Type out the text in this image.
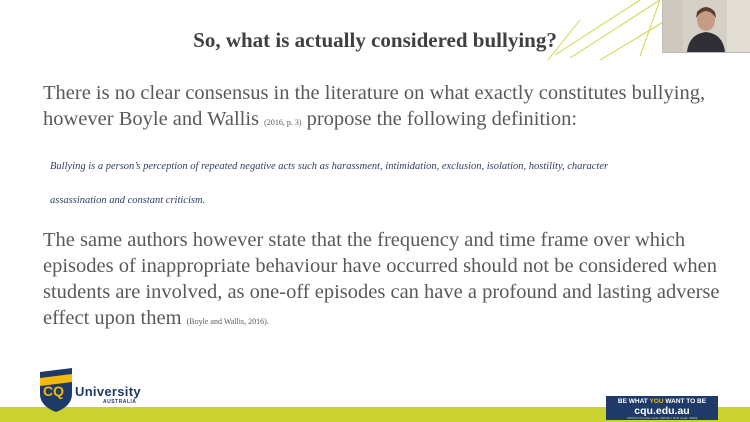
So, what is actually considered bullying?
There is no clear consensus in the literature on what exactly constitutes bullying, however Boyle and Wallis (2016, p. 3) propose the following definition:
Bullying is a person’s perception of repeated negative acts such as harassment, intimidation, exclusion, isolation, hostility, character
assassination and constant criticism.
The same authors however state that the frequency and time frame over which episodes of inappropriate behaviour have occurred should not be considered when students are involved, as one-off episodes can have a profound and lasting adverse effect upon them (Boyle and Wallis, 2016).
CQ University
AUSTRALIA	BE WHAT YOU WANT TO BE
cqu.edu.au
CRICOS Provider Code: 00219C | RTO Code: 40939
